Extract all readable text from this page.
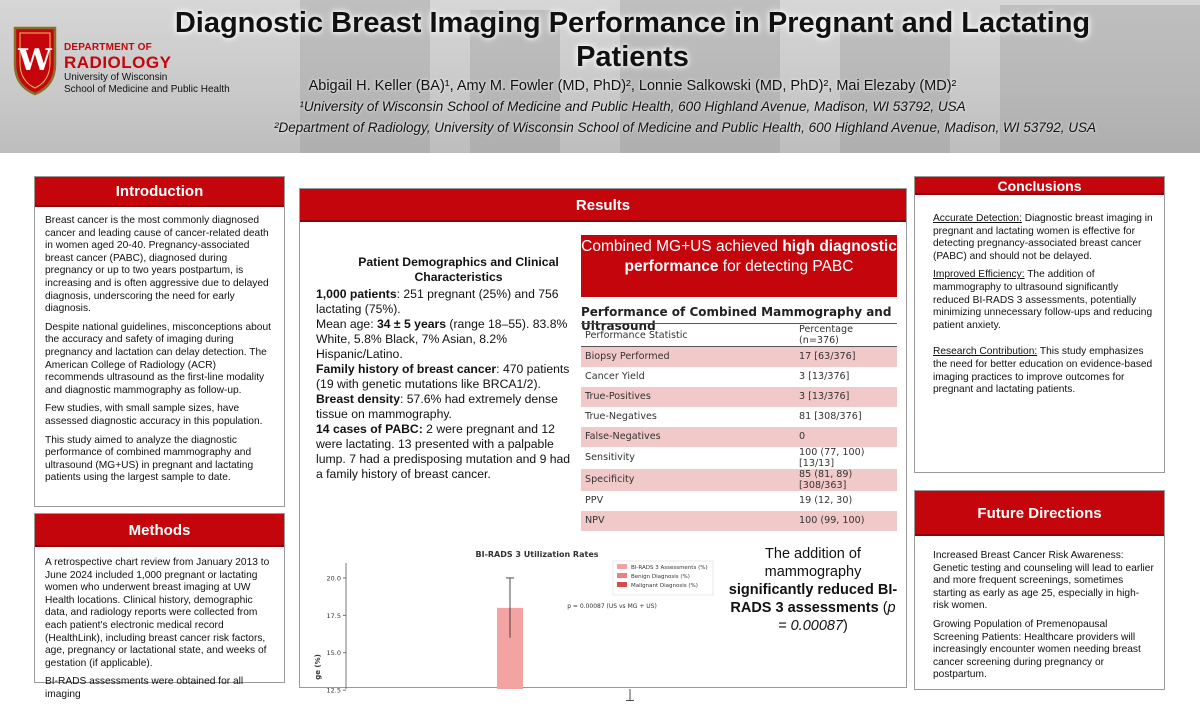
W DEPARTMENT OF
RADIOLOGY
University of Wisconsin
School of Medicine and Public Health
Diagnostic Breast Imaging Performance in Pregnant and Lactating Patients
Abigail H. Keller (BA)¹, Amy M. Fowler (MD, PhD)², Lonnie Salkowski (MD, PhD)², Mai Elezaby (MD)²
¹University of Wisconsin School of Medicine and Public Health, 600 Highland Avenue, Madison, WI 53792, USA
²Department of Radiology, University of Wisconsin School of Medicine and Public Health, 600 Highland Avenue, Madison, WI 53792, USA
Introduction

Breast cancer is the most commonly diagnosed cancer and leading cause of cancer-related death in women aged 20-40. Pregnancy-associated breast cancer (PABC), diagnosed during pregnancy or up to two years postpartum, is increasing and is often aggressive due to delayed diagnosis, underscoring the need for early diagnosis.

Despite national guidelines, misconceptions about the accuracy and safety of imaging during pregnancy and lactation can delay detection. The American College of Radiology (ACR) recommends ultrasound as the first-line modality and diagnostic mammography as follow-up.

Few studies, with small sample sizes, have assessed diagnostic accuracy in this population.

This study aimed to analyze the diagnostic performance of combined mammography and ultrasound (MG+US) in pregnant and lactating patients using the largest sample to date.

Methods

A retrospective chart review from January 2013 to June 2024 included 1,000 pregnant or lactating women who underwent breast imaging at UW Health locations. Clinical history, demographic data, and radiology reports were collected from each patient's electronic medical record (HealthLink), including breast cancer risk factors, age, pregnancy or lactational state, and weeks of gestation (if applicable).

BI-RADS assessments were obtained for all imaging

Results
Patient Demographics and Clinical Characteristics
1,000 patients: 251 pregnant (25%) and 756 lactating (75%).
Mean age: 34 ± 5 years (range 18–55). 83.8% White, 5.8% Black, 7% Asian, 8.2% Hispanic/Latino.
Family history of breast cancer: 470 patients (19 with genetic mutations like BRCA1/2).
Breast density: 57.6% had extremely dense tissue on mammography.
14 cases of PABC: 2 were pregnant and 12 were lactating. 13 presented with a palpable lump. 7 had a predisposing mutation and 9 had a family history of breast cancer.
Combined MG+US achieved high diagnostic performance for detecting PABC
Performance of Combined Mammography and Ultrasound
Performance Statistic	Percentage (n=376)
Biopsy Performed	17 [63/376]
Cancer Yield	3 [13/376]
True-Positives	3 [13/376]
True-Negatives	81 [308/376]
False-Negatives	0
Sensitivity	100 (77, 100) [13/13]
Specificity	85 (81, 89) [308/363]
PPV	19 (12, 30)
NPV	100 (99, 100)
BI-RADS 3 Utilization Rates
12.5
15.0
17.5
20.0
ge (%)
BI-RADS 3 Assessments (%)
Benign Diagnosis (%)
Malignant Diagnosis (%)
p = 0.00087 (US vs MG + US)
The addition of mammography significantly reduced BI-RADS 3 assessments (p = 0.00087)
Conclusions

Accurate Detection: Diagnostic breast imaging in pregnant and lactating women is effective for detecting pregnancy-associated breast cancer (PABC) and should not be delayed.

Improved Efficiency: The addition of mammography to ultrasound significantly reduced BI-RADS 3 assessments, potentially minimizing unnecessary follow-ups and reducing patient anxiety.

Research Contribution: This study emphasizes the need for better education on evidence-based imaging practices to improve outcomes for pregnant and lactating patients.

Future Directions

Increased Breast Cancer Risk Awareness: Genetic testing and counseling will lead to earlier and more frequent screenings, sometimes starting as early as age 25, especially in high-risk women.

Growing Population of Premenopausal Screening Patients: Healthcare providers will increasingly encounter women needing breast cancer screening during pregnancy or postpartum.
